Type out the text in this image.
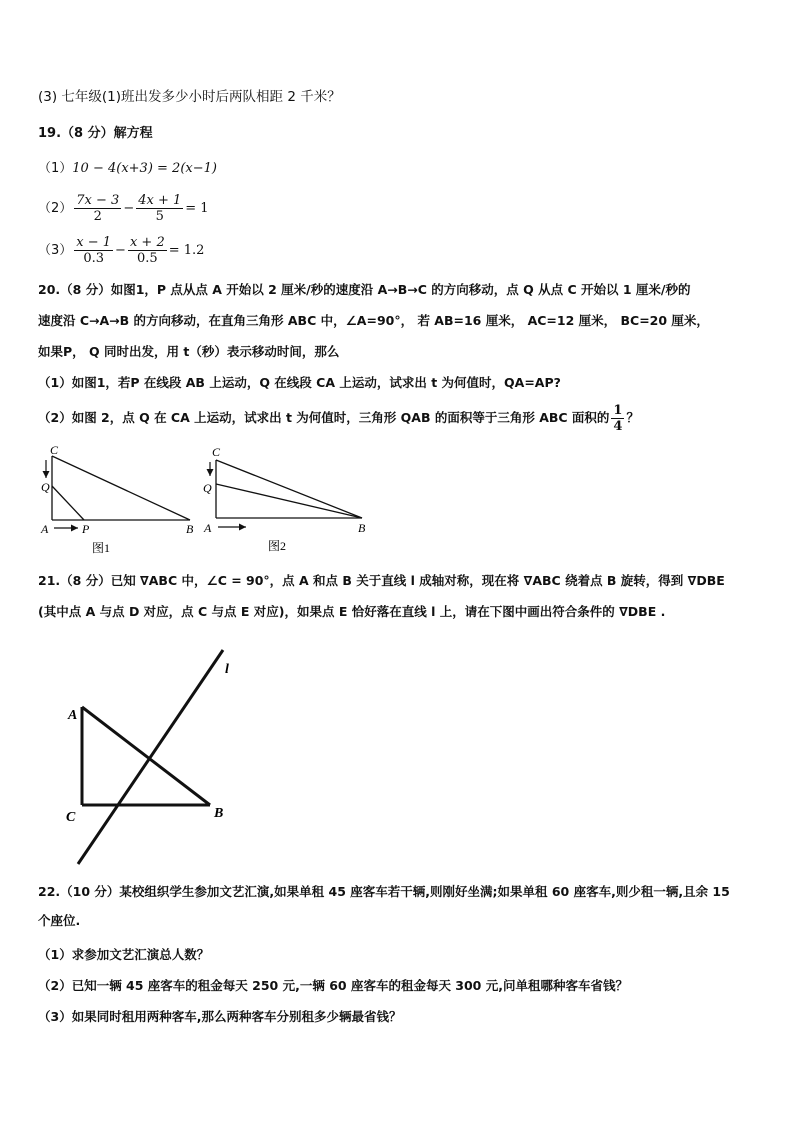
(3) 七年级(1)班出发多少小时后两队相距 2 千米？
19.（8 分）解方程
（1）10 − 4(x+3) = 2(x−1)
$(2) \frac{7x - 3}{2} - \frac{4x + 1}{5} = 1$
$(3) \frac{x - 1}{0.3} - \frac{x + 2}{0.5} = 1.2$
20.（8 分）如图1，P 点从点 A 开始以 2 厘米/秒的速度沿 A→B→C 的方向移动，点 Q 从点 C 开始以 1 厘米/秒的
速度沿 C→A→B 的方向移动，在直角三角形 ABC 中，∠A=90°， 若 AB=16 厘米， AC=12 厘米， BC=20 厘米，
如果P， Q 同时出发，用 t（秒）表示移动时间，那么
（1）如图1，若P 在线段 AB 上运动，Q 在线段 CA 上运动，试求出 t 为何值时，QA=AP?
（2）如图 2，点 Q 在 CA 上运动，试求出 t 为何值时，三角形 QAB 的面积等于三角形 ABC 面积的 $\frac{1}{4}$ ？
C
Q
A	P	B
图1
C
Q
A	B
图2
21.（8 分）已知 ∇ABC 中，∠C = 90°，点 A 和点 B 关于直线 l 成轴对称，现在将 ∇ABC 绕着点 B 旋转，得到 ∇DBE
(其中点 A 与点 D 对应，点 C 与点 E 对应)，如果点 E 恰好落在直线 l 上，请在下图中画出符合条件的 ∇DBE .
A
C	B
l
22.（10 分）某校组织学生参加文艺汇演,如果单租 45 座客车若干辆,则刚好坐满;如果单租 60 座客车,则少租一辆,且余 15
个座位.
（1）求参加文艺汇演总人数？
（2）已知一辆 45 座客车的租金每天 250 元,一辆 60 座客车的租金每天 300 元,问单租哪种客车省钱？
（3）如果同时租用两种客车,那么两种客车分别租多少辆最省钱？
